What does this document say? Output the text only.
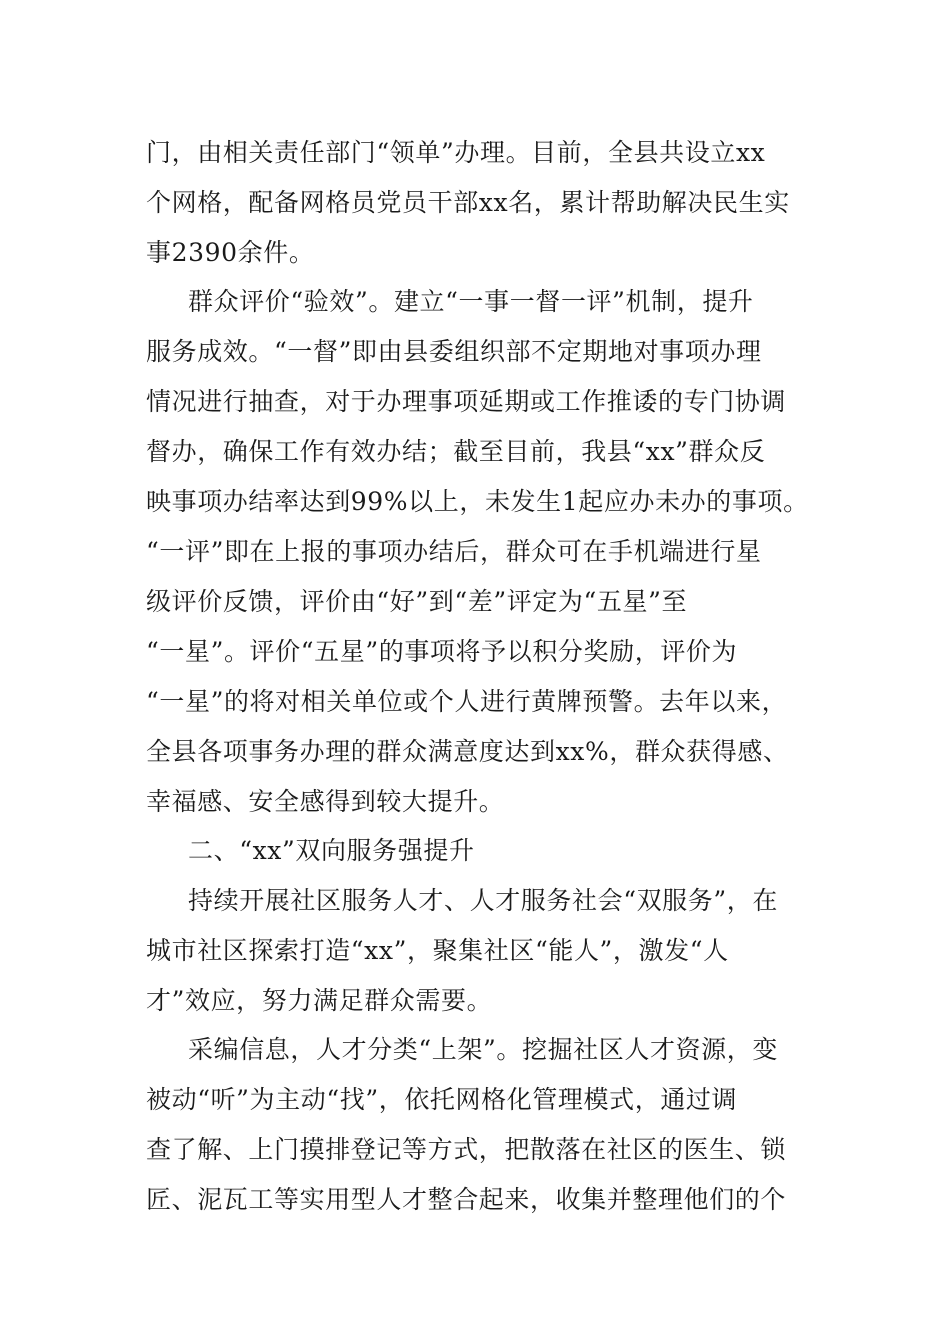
门，由相关责任部门“领单”办理。目前，全县共设立xx
个网格，配备网格员党员干部xx名，累计帮助解决民生实
事2390余件。
群众评价“验效”。建立“一事一督一评”机制，提升
服务成效。“一督”即由县委组织部不定期地对事项办理
情况进行抽查，对于办理事项延期或工作推诿的专门协调
督办，确保工作有效办结；截至目前，我县“xx”群众反
映事项办结率达到99%以上，未发生1起应办未办的事项。
“一评”即在上报的事项办结后，群众可在手机端进行星
级评价反馈，评价由“好”到“差”评定为“五星”至
“一星”。评价“五星”的事项将予以积分奖励，评价为
“一星”的将对相关单位或个人进行黄牌预警。去年以来，
全县各项事务办理的群众满意度达到xx%，群众获得感、
幸福感、安全感得到较大提升。
二、“xx”双向服务强提升
持续开展社区服务人才、人才服务社会“双服务”，在
城市社区探索打造“xx”，聚集社区“能人”，激发“人
才”效应，努力满足群众需要。
采编信息，人才分类“上架”。挖掘社区人才资源，变
被动“听”为主动“找”，依托网格化管理模式，通过调
查了解、上门摸排登记等方式，把散落在社区的医生、锁
匠、泥瓦工等实用型人才整合起来，收集并整理他们的个
